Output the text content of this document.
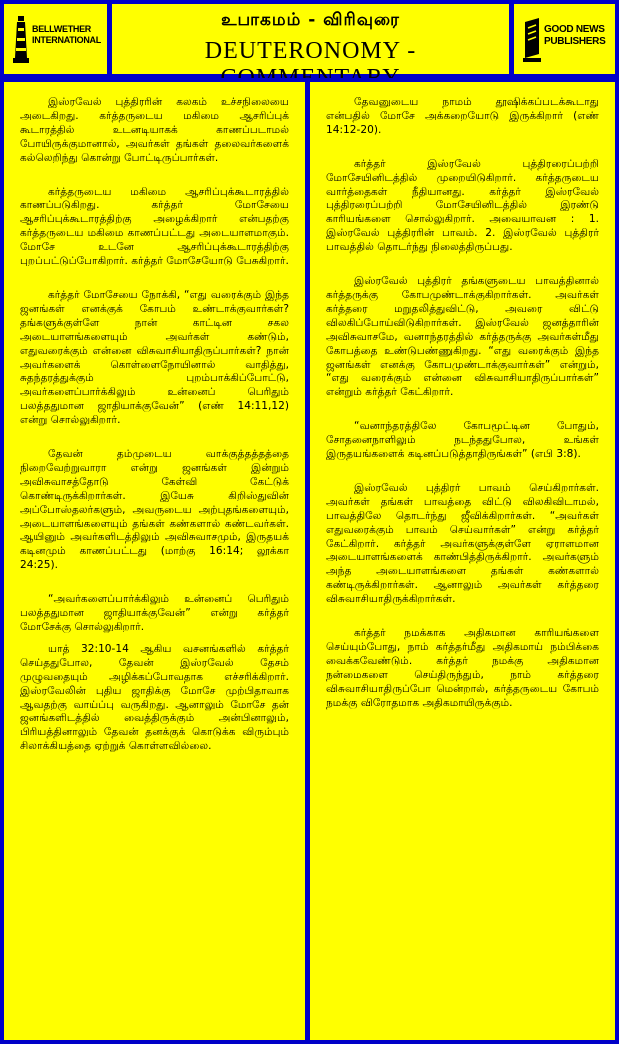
BELLWETHER INTERNATIONAL
உபாகமம் - விரிவுரை
DEUTERONOMY -
GOOD NEWS PUBLISHERS

இஸ்ரவேல் புத்திரரின் கலகம் உச்சநிலையை அடைகிறது. கர்த்தருடைய மகிமை ஆசரிப்புக் கூடாரத்தில் உடனடியாகக் காணப்படாமல் போயிருக்குமானால், அவர்கள் தங்கள் தலைவர்களைக் கல்லெறிந்து கொன்று போட்டிருப்பார்கள்.

கர்த்தருடைய மகிமை ஆசரிப்புக்கூடாரத்தில் காணப்படுகிறது. கர்த்தர் மோசேயை ஆசரிப்புக்கூடாரத்திற்கு அழைக்கிறார் என்பதற்கு கர்த்தருடைய மகிமை காணப்பட்டது அடையாளமாகும். மோசே உடனே ஆசரிப்புக்கூடாரத்திற்கு புறப்பட்டுப்போகிறார். கர்த்தர் மோசேயோடு பேசுகிறார்.

கர்த்தர் மோசேயை நோக்கி, “எது வரைக்கும் இந்த ஜனங்கள் எனக்குக் கோபம் உண்டாக்குவார்கள்? தங்களுக்குள்ளே நான் காட்டின சகல அடையாளங்களையும் அவர்கள் கண்டும், எதுவரைக்கும் என்னை விசுவாசியாதிருப்பார்கள்? நான் அவர்களைக் கொள்ளைநோயினால் வாதித்து, சுதந்தரத்துக்கும் புறம்பாக்கிப்போட்டு, அவர்களைப்பார்க்கிலும் உன்னைப் பெரிதும் பலத்ததுமான ஜாதியாக்குவேன்” (எண் 14:11,12) என்று சொல்லுகிறார்.

தேவன் தம்முடைய வாக்குத்தத்தத்தை நிறைவேற்றுவாரா என்று ஜனங்கள் இன்றும் அவிசுவாசத்தோடு கேள்வி கேட்டுக் கொண்டிருக்கிறார்கள். இயேசு கிறிஸ்துவின் அப்போஸ்தலர்களும், அவருடைய அற்புதங்களையும், அடையாளங்களையும் தங்கள் கண்களால் கண்டவர்கள். ஆயினும் அவர்களிடத்திலும் அவிசுவாசமும், இருதயக் கடினமும் காணப்பட்டது (மாற்கு 16:14; லூக்கா 24:25).

“அவர்களைப்பார்க்கிலும் உன்னைப் பெரிதும் பலத்ததுமான ஜாதியாக்குவேன்” என்று கர்த்தர் மோசேக்கு சொல்லுகிறார்.

யாத் 32:10-14 ஆகிய வசனங்களில் கர்த்தர் செய்ததுபோல, தேவன் இஸ்ரவேல் தேசம் முழுவதையும் அழிக்கப்போவதாக எச்சரிக்கிறார். இஸ்ரவேலின் புதிய ஜாதிக்கு மோசே முற்பிதாவாக ஆவதற்கு வாய்ப்பு வருகிறது. ஆனாலும் மோசே தன் ஜனங்களிடத்தில் வைத்திருக்கும் அன்பினாலும், பிரியத்தினாலும் தேவன் தனக்குக் கொடுக்க விரும்பும் சிலாக்கியத்தை ஏற்றுக் கொள்ளவில்லை.

தேவனுடைய நாமம் தூஷிக்கப்படக்கூடாது என்பதில் மோசே அக்கறையோடு இருக்கிறார் (எண் 14:12-20).

கர்த்தர் இஸ்ரவேல் புத்திரரைப்பற்றி மோசேயினிடத்தில் முறையிடுகிறார். கர்த்தருடைய வார்த்தைகள் நீதியானது. கர்த்தர் இஸ்ரவேல் புத்திரரைப்பற்றி மோசேயினிடத்தில் இரண்டு காரியங்களை சொல்லுகிறார். அவையாவன : 1. இஸ்ரவேல் புத்திரரின் பாவம். 2. இஸ்ரவேல் புத்திரர் பாவத்தில் தொடர்ந்து நிலைத்திருப்பது.

இஸ்ரவேல் புத்திரர் தங்களுடைய பாவத்தினால் கர்த்தருக்கு கோபமுண்டாக்குகிறார்கள். அவர்கள் கர்த்தரை மறுதலித்துவிட்டு, அவரை விட்டு விலகிப்போய்விடுகிறார்கள். இஸ்ரவேல் ஜனத்தாரின் அவிசுவாசமே, வனாந்தரத்தில் கர்த்தருக்கு அவர்கள்மீது கோபத்தை உண்டுபண்ணுகிறது. “எது வரைக்கும் இந்த ஜனங்கள் எனக்கு கோபமுண்டாக்குவார்கள்” என்றும், “எது வரைக்கும் என்னை விசுவாசியாதிருப்பார்கள்” என்றும் கர்த்தர் கேட்கிறார்.

“வனாந்தரத்திலே கோபமூட்டின போதும், சோதனைநாளிலும் நடந்ததுபோல, உங்கள் இருதயங்களைக் கடினப்படுத்தாதிருங்கள்” (எபி 3:8).

இஸ்ரவேல் புத்திரர் பாவம் செய்கிறார்கள். அவர்கள் தங்கள் பாவத்தை விட்டு விலகிவிடாமல், பாவத்திலே தொடர்ந்து ஜீவிக்கிறார்கள். “அவர்கள் எதுவரைக்கும் பாவம் செய்வார்கள்” என்று கர்த்தர் கேட்கிறார். கர்த்தர் அவர்களுக்குள்ளே ஏராளமான அடையாளங்களைக் காண்பித்திருக்கிறார். அவர்களும் அந்த அடையாளங்களை தங்கள் கண்களால் கண்டிருக்கிறார்கள். ஆனாலும் அவர்கள் கர்த்தரை விசுவாசியாதிருக்கிறார்கள்.

கர்த்தர் நமக்காக அதிகமான காரியங்களை செய்யும்போது, நாம் கர்த்தர்மீது அதிகமாய் நம்பிக்கை வைக்கவேண்டும். கர்த்தர் நமக்கு அதிகமான நன்மைகளை செய்திருந்தும், நாம் கர்த்தரை விசுவாசியாதிருப்போ மென்றால், கர்த்தருடைய கோபம் நமக்கு விரோதமாக அதிகமாயிருக்கும்.
